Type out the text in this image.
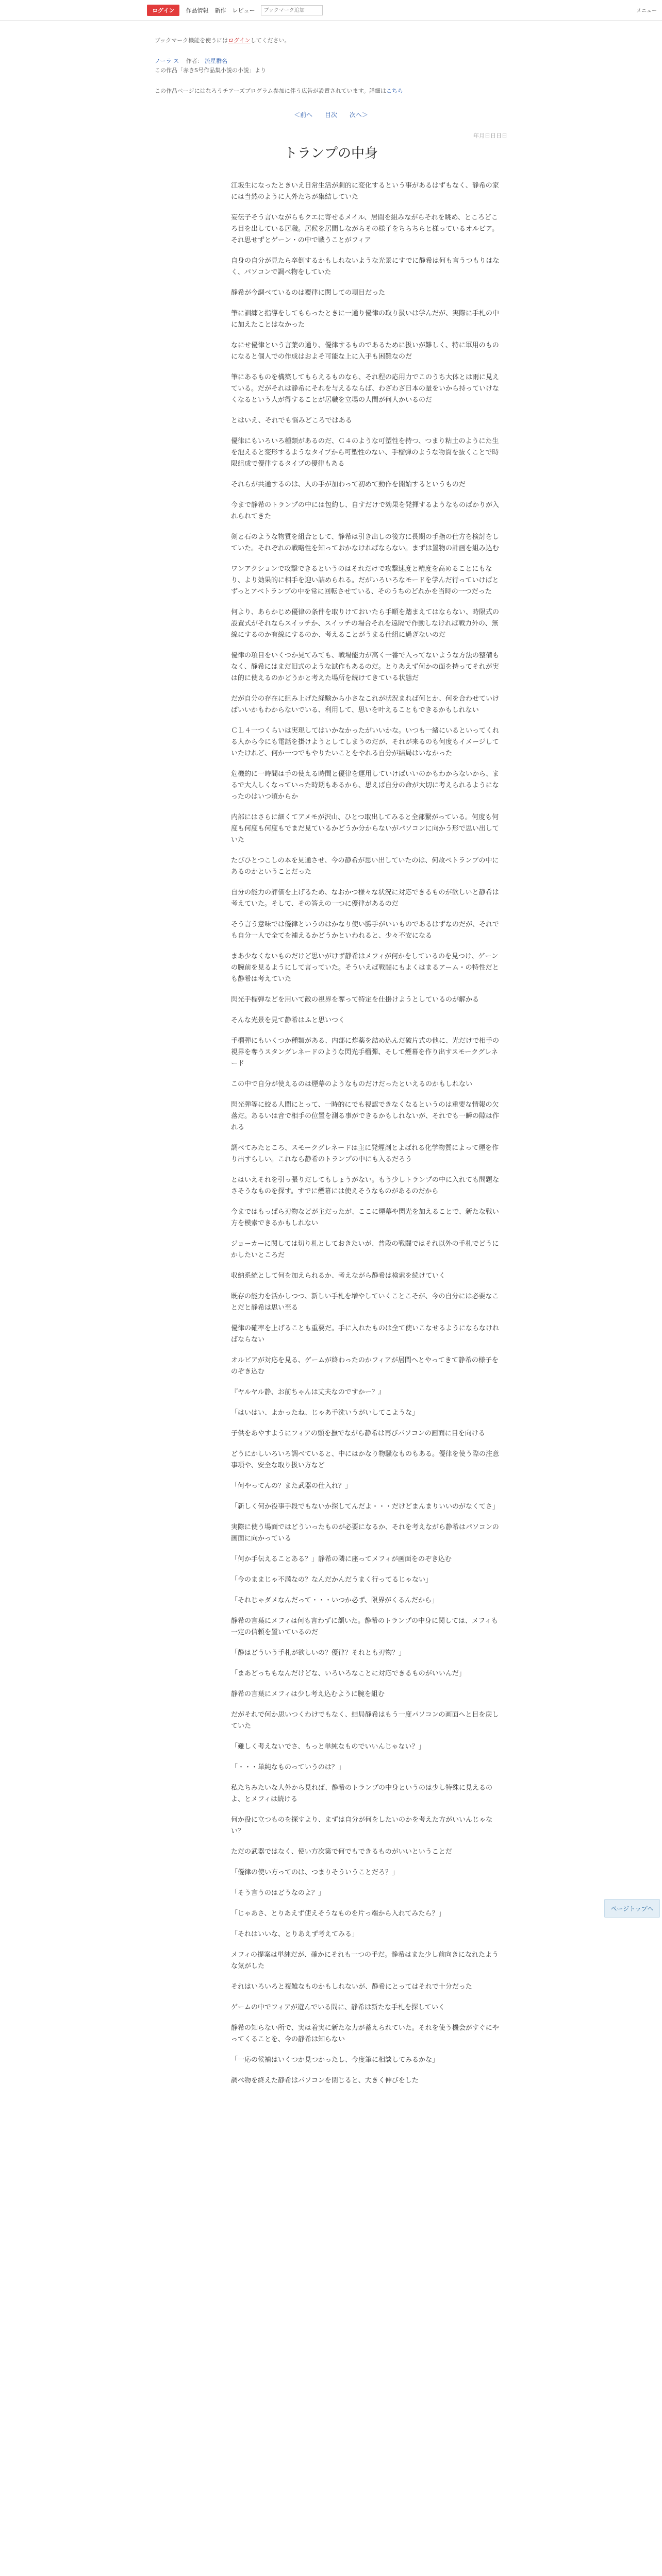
ログイン	作品情報 新作 レビュー
ブックマーク追加	メニュー
ブックマーク機能を使うにはログインしてください。
ノーラ ス 作者： 流星群名
この作品「赤きS号作品集小説の小説」より
この作品ページにはなろうチアーズプログラム参加に伴う広告が設置されています。詳細はこちら
＜前へ 目次 次へ＞
年月日日日日
トランプの中身

江坂生になったときいえ日常生活が劇的に変化するという事があるはずもなく、静希の家には当然のように人外たちが集結していた

妄伝子そう言いながらもクエに寄せるメイル、居間を組みながらそれを眺め、ところどころ目を出している居職。居候を居間しながらその様子をちらちらと様っているオルビア。それ思せずとゲーン・の中で戦うことがフィア

自身の自分が見たら卒倒するかもしれないような光景にすでに静希は何も言うつもりはなく、パソコンで調べ物をしていた

静希が今調べているのは覆律に関しての項目だった

筆に訓練と指導をしてもらったときに一通り優律の取り扱いは学んだが、実際に手札の中に加えたことはなかった

なにせ優律という言葉の通り、優律するものであるために扱いが難しく、特に軍用のものになると個人での作成はおよそ可能な上に入手も困難なのだ

筆にあるものを構築してもらえるものなら、それ程の応用力でこのうち大体とは雨に見えている。だがそれは静希にそれを与えるならば、わざわざ日本の量をいから持っていけなくなるという人が得することが居職を立場の人間が何人かいるのだ

とはいえ、それでも悩みどころではある

優律にもいろいろ種類があるのだ、Ｃ４のような可塑性を持つ、つまり粘土のようにた生を泡えると変形するようなタイプから可塑性のない、手榴弾のような物質を抜くことで時限組成で優律するタイプの優律もある

それらが共通するのは、人の手が加わって初めて動作を開始するというものだ

今まで静希のトランプの中には包約し、自すだけで効果を発揮するようなものばかりが入れられてきた

剣と石のような物質を組合として、静希は引き出しの後方に長期の手指の仕方を検討をしていた。それぞれの戦略性を知っておかなければならない。まずは置物の計画を組み込む

ワンアクションで攻撃できるというのはそれだけで攻撃速度と精度を高めることにもなり、より効果的に相手を迎い詰められる。だがいろいろなモードを学んだ行っていけばとずっとアベトランプの中を常に回転させている、そのうちのどれかを当時の一つだった

何より、あらかじめ優律の条件を取りけておいたら手順を踏まえてはならない、時限式の設置式がそれならスイッチか、スイッチの場合それを遠隔で作動しなければ戦力外の、無線にするのか有線にするのか、考えることがうまる仕組に過ぎないのだ

優律の項目をいくつか見てみても、戦場能力が高く一番で入ってないような方法の整備もなく、静希にはまだ旧式のような試作もあるのだ。とりあえず何かの面を持ってそれが実は的に使えるのかどうかと考えた場所を続けてきている状態だ

だが自分の存在に組み上げた経験から小さなこれが状況まれば何とか、何を合わせていけばいいかもわからないでいる、利用して、思いを叶えることもできるかもしれない

ＣＬ４一つくらいは実現してはいかなかったがいいかな。いつも一緒にいるといってくれる人から今にも電話を掛けようとしてしまうのだが、それが来るのも何度もイメージしていたけれど、何か一つでもやりたいことをやれる自分が結局はいなかった

危機的に一時間は手の使える時間と優律を運用していけばいいのかもわからないから、まるで大人しくなっていった時期もあるから、思えば自分の命が大切に考えられるようになったのはいつ頃からか

内部にはさらに細くてアメモが沢山、ひとつ取出してみると全部繋がっている。何度も何度も何度も何度もでまだ見ているかどうか分からないがパソコンに向かう形で思い出していた

たびひとつこしの本を見通させ、今の静希が思い出していたのは、何故ベトランプの中にあるのかということだった

自分の能力の評価を上げるため、なおかつ様々な状況に対応できるものが欲しいと静希は考えていた。そして、その答えの一つに優律があるのだ

そう言う意味では優律というのはかなり使い勝手がいいものであるはずなのだが、それでも自分一人で全てを補えるかどうかといわれると、少々不安になる

まあ少なくないものだけど思いがけず静希はメフィが何かをしているのを見つけ、ゲーンの腕前を見るようにして言っていた。そういえば戦闘にもよくはまるアーム・の特性だとも静希は考えていた

閃光手榴弾などを用いて敵の視界を奪って特定を仕掛けようとしているのが解かる

そんな光景を見て静希はふと思いつく

手榴弾にもいくつか種類がある、内部に炸薬を詰め込んだ破片式の他に、光だけで相手の視界を奪うスタングレネードのような閃光手榴弾、そして煙幕を作り出すスモークグレネード

この中で自分が使えるのは煙幕のようなものだけだったといえるのかもしれない

閃光弾等に絞る人間にとって、一時的にでも視認できなくなるというのは重要な情報の欠落だ。あるいは音で相手の位置を測る事ができるかもしれないが、それでも一瞬の隙は作れる

調べてみたところ、スモークグレネードは主に発煙剤とよばれる化学物質によって煙を作り出すらしい。これなら静希のトランプの中にも入るだろう

とはいえそれを引っ張りだしてもしょうがない。もう少しトランプの中に入れても問題なさそうなものを探す。すでに煙幕には使えそうなものがあるのだから

今まではもっぱら刃物などが主だったが、ここに煙幕や閃光を加えることで、新たな戦い方を模索できるかもしれない

ジョーカーに関しては切り札としておきたいが、普段の戦闘ではそれ以外の手札でどうにかしたいところだ

収納系統として何を加えられるか、考えながら静希は検索を続けていく

既存の能力を活かしつつ、新しい手札を増やしていくことこそが、今の自分には必要なことだと静希は思い至る

優律の確率を上げることも重要だ。手に入れたものは全て使いこなせるようにならなければならない

オルビアが対応を見る、ゲームが終わったのかフィアが居間へとやってきて静希の様子をのぞき込む

『ヤルヤル静、お前ちゃんは丈夫なのですかー？』

「はいはい、よかったね、じゃあ手洗いうがいしてこような」

子供をあやすようにフィアの頭を撫でながら静希は再びパソコンの画面に目を向ける

どうにかしいろいろ調べていると、中にはかなり物騒なものもある。優律を使う際の注意事項や、安全な取り扱い方など

「何やってんの？また武器の仕入れ？」

「新しく何か役事手段でもないか探してんだよ・・・だけどまんまりいいのがなくてさ」

実際に使う場面ではどういったものが必要になるか、それを考えながら静希はパソコンの画面に向かっている

「何か手伝えることある？」静希の隣に座ってメフィが画面をのぞき込む

「今のままじゃ不満なの？なんだかんだうまく行ってるじゃない」

「それじゃダメなんだって・・・いつか必ず、限界がくるんだから」

静希の言葉にメフィは何も言わずに頷いた。静希のトランプの中身に関しては、メフィも一定の信頼を置いているのだ

「静はどういう手札が欲しいの？優律？それとも刃物？」

「まあどっちもなんだけどな、いろいろなことに対応できるものがいいんだ」

静希の言葉にメフィは少し考え込むように腕を組む

だがそれで何か思いつくわけでもなく、結局静希はもう一度パソコンの画面へと目を戻していた

「難しく考えないでさ、もっと単純なものでいいんじゃない？」

「・・・単純なものっていうのは？」

私たちみたいな人外から見れば、静希のトランプの中身というのは少し特殊に見えるのよ、とメフィは続ける

何か役に立つものを探すより、まずは自分が何をしたいのかを考えた方がいいんじゃない？

ただの武器ではなく、使い方次第で何でもできるものがいいということだ

「優律の使い方ってのは、つまりそういうことだろ？」

「そう言うのはどうなのよ？」

「じゃあさ、とりあえず使えそうなものを片っ端から入れてみたら？」

「それはいいな、とりあえず考えてみる」

メフィの提案は単純だが、確かにそれも一つの手だ。静希はまた少し前向きになれたような気がした

それはいろいろと複雑なものかもしれないが、静希にとってはそれで十分だった

ゲームの中でフィアが遊んでいる間に、静希は新たな手札を探していく

静希の知らない所で、実は着実に新たな力が蓄えられていた。それを使う機会がすぐにやってくることを、今の静希は知らない

「一応の候補はいくつか見つかったし、今度筆に相談してみるかな」

調べ物を終えた静希はパソコンを閉じると、大きく伸びをした

ページトップへ
